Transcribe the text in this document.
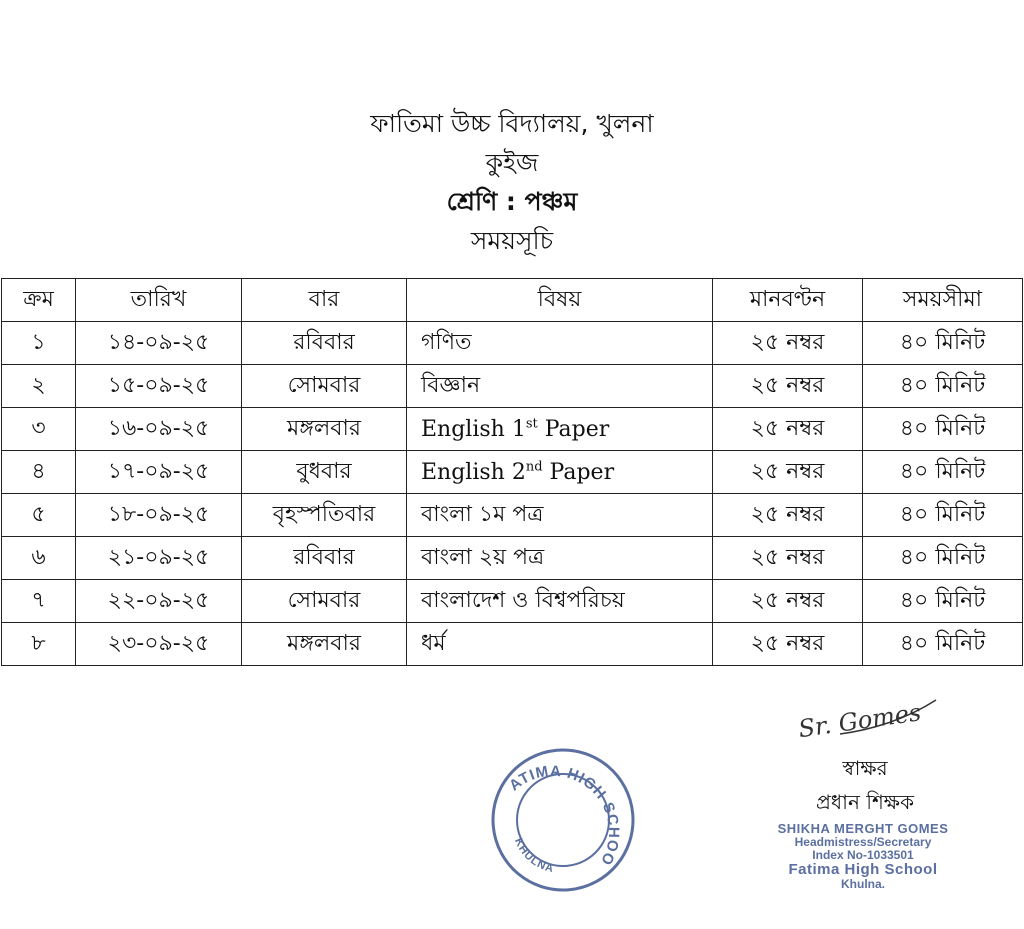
ফাতিমা উচ্চ বিদ্যালয়, খুলনা
কুইজ
শ্রেণি : পঞ্চম
সময়সূচি
ক্রম	তারিখ	বার	বিষয়	মানবণ্টন	সময়সীমা
১	১৪-০৯-২৫	রবিবার	গণিত	২৫ নম্বর	৪০ মিনিট
২	১৫-০৯-২৫	সোমবার	বিজ্ঞান	২৫ নম্বর	৪০ মিনিট
৩	১৬-০৯-২৫	মঙ্গলবার	English 1st Paper	২৫ নম্বর	৪০ মিনিট
৪	১৭-০৯-২৫	বুধবার	English 2nd Paper	২৫ নম্বর	৪০ মিনিট
৫	১৮-০৯-২৫	বৃহস্পতিবার	বাংলা ১ম পত্র	২৫ নম্বর	৪০ মিনিট
৬	২১-০৯-২৫	রবিবার	বাংলা ২য় পত্র	২৫ নম্বর	৪০ মিনিট
৭	২২-০৯-২৫	সোমবার	বাংলাদেশ ও বিশ্বপরিচয়	২৫ নম্বর	৪০ মিনিট
৮	২৩-০৯-২৫	মঙ্গলবার	ধর্ম	২৫ নম্বর	৪০ মিনিট
FATIMA HIGH SCHOOL
KHULNA
Sr. Gomes
স্বাক্ষর
প্রধান শিক্ষক
SHIKHA MERGHT GOMES
Headmistress/Secretary
Index No-1033501
Fatima High School
Khulna.
